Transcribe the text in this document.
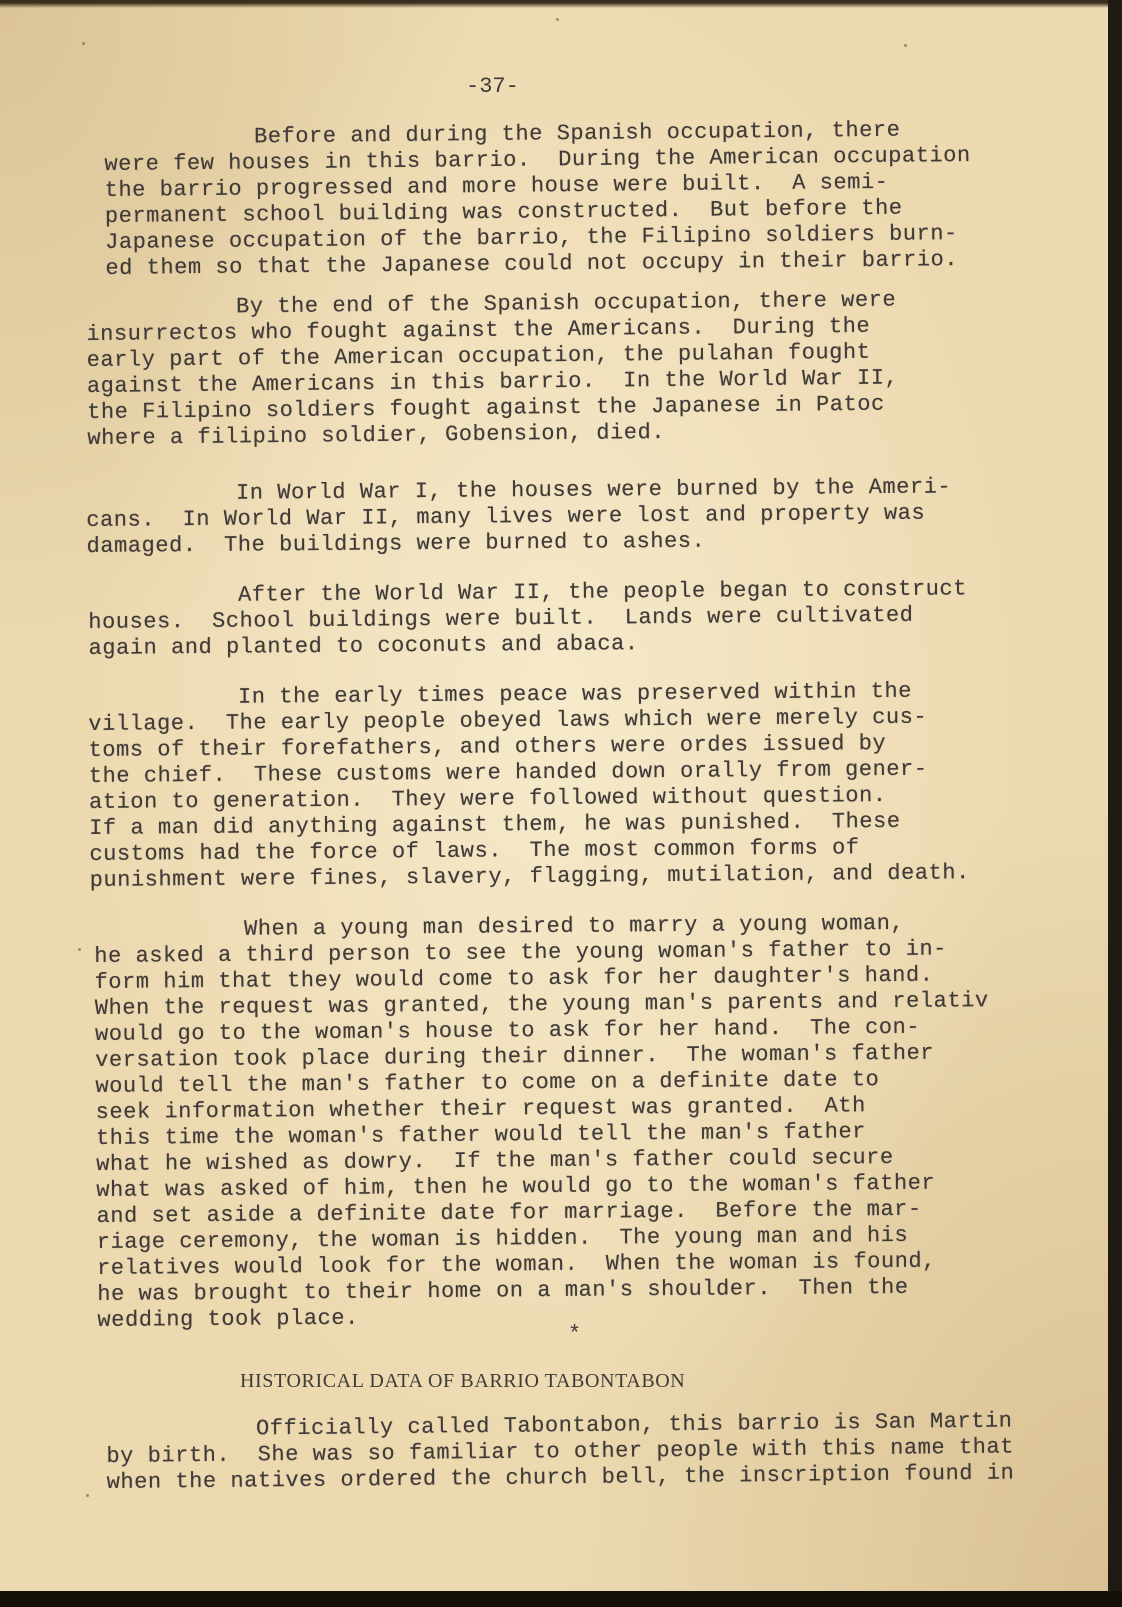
-37-
Before and during the Spanish occupation, there
were few houses in this barrio.  During the American occupation
the barrio progressed and more house were built.  A semi-
permanent school building was constructed.  But before the
Japanese occupation of the barrio, the Filipino soldiers burn-
ed them so that the Japanese could not occupy in their barrio.
By the end of the Spanish occupation, there were
insurrectos who fought against the Americans.  During the
early part of the American occupation, the pulahan fought
against the Americans in this barrio.  In the World War II,
the Filipino soldiers fought against the Japanese in Patoc
where a filipino soldier, Gobension, died.
In World War I, the houses were burned by the Ameri-
cans.  In World War II, many lives were lost and property was
damaged.  The buildings were burned to ashes.
After the World War II, the people began to construct
houses.  School buildings were built.  Lands were cultivated
again and planted to coconuts and abaca.
In the early times peace was preserved within the
village.  The early people obeyed laws which were merely cus-
toms of their forefathers, and others were ordes issued by
the chief.  These customs were handed down orally from gener-
ation to generation.  They were followed without question.
If a man did anything against them, he was punished.  These
customs had the force of laws.  The most common forms of
punishment were fines, slavery, flagging, mutilation, and death.
When a young man desired to marry a young woman,
he asked a third person to see the young woman's father to in-
form him that they would come to ask for her daughter's hand.
When the request was granted, the young man's parents and relativ
would go to the woman's house to ask for her hand.  The con-
versation took place during their dinner.  The woman's father
would tell the man's father to come on a definite date to
seek information whether their request was granted.  Ath
this time the woman's father would tell the man's father
what he wished as dowry.  If the man's father could secure
what was asked of him, then he would go to the woman's father
and set aside a definite date for marriage.  Before the mar-
riage ceremony, the woman is hidden.  The young man and his
relatives would look for the woman.  When the woman is found,
he was brought to their home on a man's shoulder.  Then the
wedding took place.
*
HISTORICAL DATA OF BARRIO TABONTABON
Officially called Tabontabon, this barrio is San Martin
by birth.  She was so familiar to other people with this name that
when the natives ordered the church bell, the inscription found in
